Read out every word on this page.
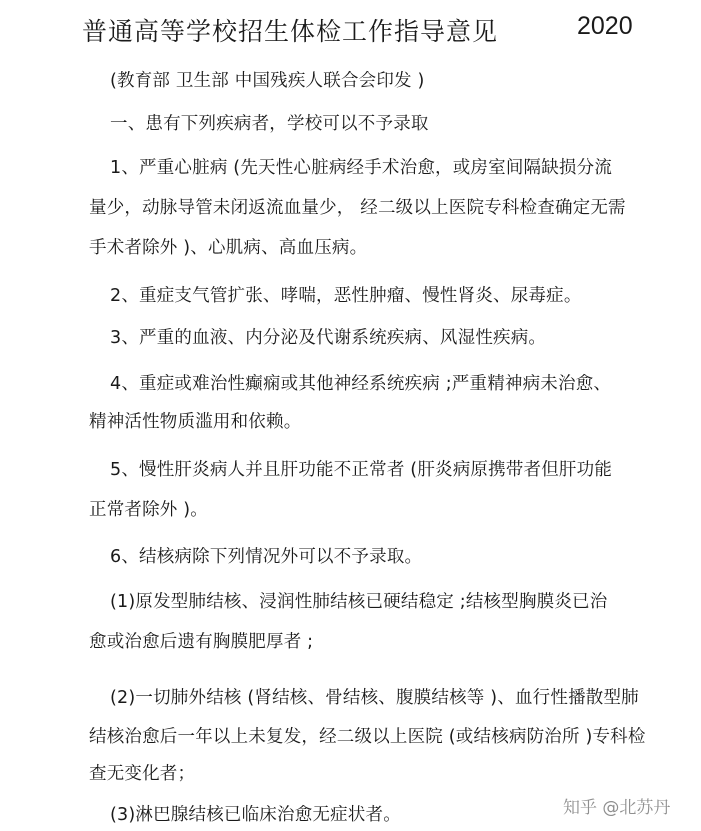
普通高等学校招生体检工作指导意见	2020
(教育部 卫生部 中国残疾人联合会印发 )
一、患有下列疾病者，学校可以不予录取
1、严重心脏病 (先天性心脏病经手术治愈，或房室间隔缺损分流
量少，动脉导管未闭返流血量少， 经二级以上医院专科检查确定无需
手术者除外 )、心肌病、高血压病。
2、重症支气管扩张、哮喘，恶性肿瘤、慢性肾炎、尿毒症。
3、严重的血液、内分泌及代谢系统疾病、风湿性疾病。
4、重症或难治性癫痫或其他神经系统疾病 ;严重精神病未治愈、
精神活性物质滥用和依赖。
5、慢性肝炎病人并且肝功能不正常者 (肝炎病原携带者但肝功能
正常者除外 )。
6、结核病除下列情况外可以不予录取。
(1)原发型肺结核、浸润性肺结核已硬结稳定 ;结核型胸膜炎已治
愈或治愈后遗有胸膜肥厚者 ;
(2)一切肺外结核 (肾结核、骨结核、腹膜结核等 )、血行性播散型肺
结核治愈后一年以上未复发，经二级以上医院 (或结核病防治所 )专科检
查无变化者；
(3)淋巴腺结核已临床治愈无症状者。	知乎 @北苏丹
